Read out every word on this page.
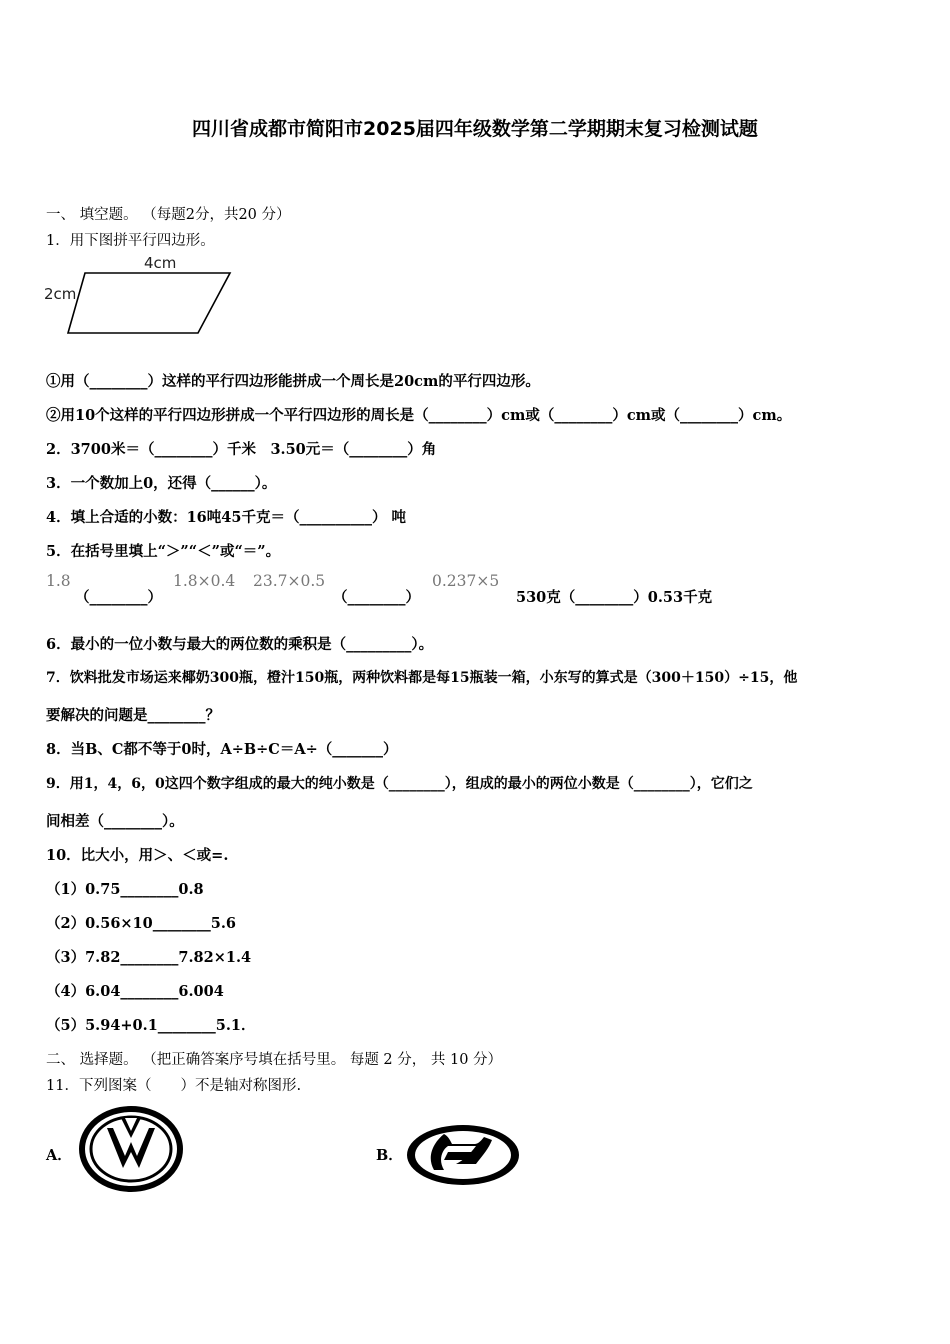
四川省成都市简阳市2025届四年级数学第二学期期末复习检测试题
一、 填空题。 （每题2分，共20 分）
1．用下图拼平行四边形。
4cm
2cm
①用（________）这样的平行四边形能拼成一个周长是20cm的平行四边形。
②用10个这样的平行四边形拼成一个平行四边形的周长是（________）cm或（________）cm或（________）cm。
2．3700米＝（________）千米　3.50元＝（________）角
3．一个数加上0，还得（______）。
4．填上合适的小数：16吨45千克＝（__________） 吨
5．在括号里填上“＞”“＜”或“＝”。
1.8
（________）
1.8×0.4 23.7×0.5
（________）
0.237×5
530克（________）0.53千克
6．最小的一位小数与最大的两位数的乘积是（_________）。
7．饮料批发市场运来椰奶300瓶，橙汁150瓶，两种饮料都是每15瓶装一箱，小东写的算式是（300＋150）÷15，他
要解决的问题是________？
8．当B、C都不等于0时，A÷B÷C＝A÷（_______）
9．用1，4，6，0这四个数字组成的最大的纯小数是（________），组成的最小的两位小数是（________），它们之
间相差（________）。
10．比大小，用＞、＜或=.
（1）0.75________0.8
（2）0.56×10________5.6
（3）7.82________7.82×1.4
（4）6.04________6.004
（5）5.94+0.1________5.1．
二、 选择题。 （把正确答案序号填在括号里。 每题 2 分， 共 10 分）
11．下列图案（　　）不是轴对称图形.
A．	B．
